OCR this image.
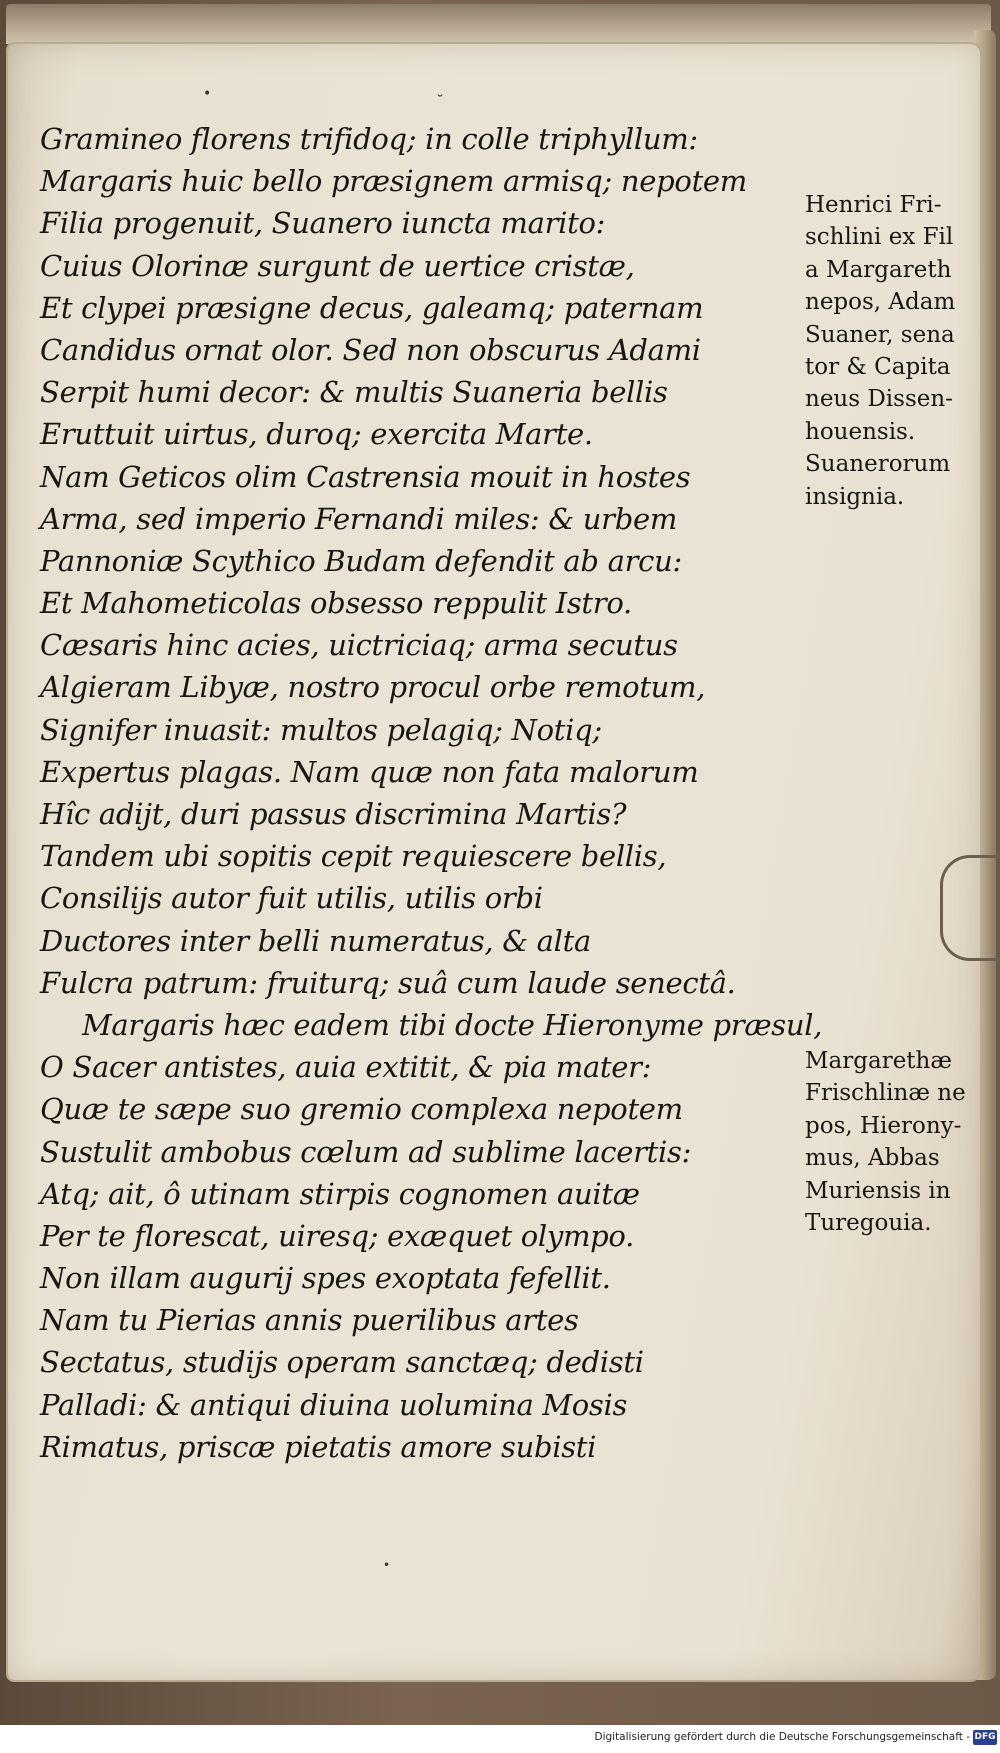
•	˘
•
Gramineo florens trifidoq; in colle triphyllum:
Margaris huic bello præsignem armisq; nepotem
Filia progenuit, Suanero iuncta marito:
Cuius Olorinæ surgunt de uertice cristæ,
Et clypei præsigne decus, galeamq; paternam
Candidus ornat olor. Sed non obscurus Adami
Serpit humi decor: & multis Suaneria bellis
Eruttuit uirtus, duroq; exercita Marte.
Nam Geticos olim Castrensia mouit in hostes
Arma, sed imperio Fernandi miles: & urbem
Pannoniæ Scythico Budam defendit ab arcu:
Et Mahometicolas obsesso reppulit Istro.
Cæsaris hinc acies, uictriciaq; arma secutus
Algieram Libyæ, nostro procul orbe remotum,
Signifer inuasit: multos pelagiq; Notiq;
Expertus plagas. Nam quæ non fata malorum
Hîc adijt, duri passus discrimina Martis?
Tandem ubi sopitis cepit requiescere bellis,
Consilijs autor fuit utilis, utilis orbi
Ductores inter belli numeratus, & alta
Fulcra patrum: fruiturq; suâ cum laude senectâ.
Margaris hæc eadem tibi docte Hieronyme præsul,
O Sacer antistes, auia extitit, & pia mater:
Quæ te sæpe suo gremio complexa nepotem
Sustulit ambobus cœlum ad sublime lacertis:
Atq; ait, ô utinam stirpis cognomen auitæ
Per te florescat, uiresq; exæquet olympo.
Non illam augurij spes exoptata fefellit.
Nam tu Pierias annis puerilibus artes
Sectatus, studijs operam sanctæq; dedisti
Palladi: & antiqui diuina uolumina Mosis
Rimatus, priscæ pietatis amore subisti
Henrici Fri-
schlini ex Fil
a Margareth
nepos, Adam
Suaner, sena
tor & Capita
neus Dissen-
houensis.
Suanerorum
insignia.
Margarethæ
Frischlinæ ne
pos, Hierony-
mus, Abbas
Muriensis in
Turegouia.
Digitalisierung gefördert durch die Deutsche Forschungsgemeinschaft - DFG
